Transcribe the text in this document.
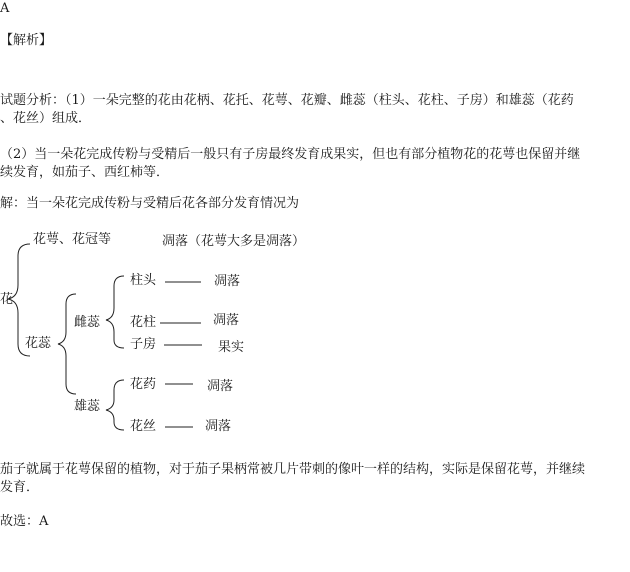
A
【解析】
试题分析：（1）一朵完整的花由花柄、花托、花萼、花瓣、雌蕊（柱头、花柱、子房）和雄蕊（花药
、花丝）组成．
（2）当一朵花完成传粉与受精后一般只有子房最终发育成果实，但也有部分植物花的花萼也保留并继
续发育，如茄子、西红柿等．
解：当一朵花完成传粉与受精后花各部分发育情况为
花萼、花冠等	凋落（花萼大多是凋落）
花
花蕊
雌蕊
柱头	凋落
花柱	凋落
子房	果实
雄蕊
花药	凋落
花丝	凋落
茄子就属于花萼保留的植物，对于茄子果柄常被几片带刺的像叶一样的结构，实际是保留花萼，并继续
发育．
故选：A
